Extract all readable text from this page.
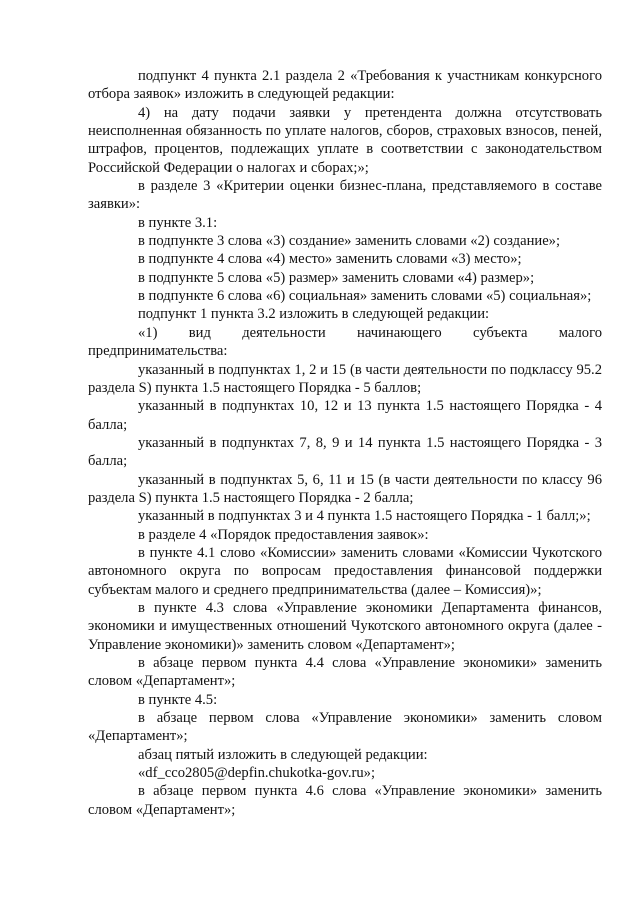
подпункт 4 пункта 2.1 раздела 2 «Требования к участникам конкурсного отбора заявок» изложить в следующей редакции:

4) на дату подачи заявки у претендента должна отсутствовать неисполненная обязанность по уплате налогов, сборов, страховых взносов, пеней, штрафов, процентов, подлежащих уплате в соответствии с законодательством Российской Федерации о налогах и сборах;»;

в разделе 3 «Критерии оценки бизнес-плана, представляемого в составе заявки»:

в пункте 3.1:

в подпункте 3 слова «3) создание» заменить словами «2) создание»;

в подпункте 4 слова «4) место» заменить словами «3) место»;

в подпункте 5 слова «5) размер» заменить словами «4) размер»;

в подпункте 6 слова «6) социальная» заменить словами «5) социальная»;

подпункт 1 пункта 3.2 изложить в следующей редакции:

«1) вид деятельности начинающего субъекта малого предпринимательства:

указанный в подпунктах 1, 2 и 15 (в части деятельности по подклассу 95.2 раздела S) пункта 1.5 настоящего Порядка - 5 баллов;

указанный в подпунктах 10, 12 и 13 пункта 1.5 настоящего Порядка - 4 балла;

указанный в подпунктах 7, 8, 9 и 14 пункта 1.5 настоящего Порядка - 3 балла;

указанный в подпунктах 5, 6, 11 и 15 (в части деятельности по классу 96 раздела S) пункта 1.5 настоящего Порядка - 2 балла;

указанный в подпунктах 3 и 4 пункта 1.5 настоящего Порядка - 1 балл;»;

в разделе 4 «Порядок предоставления заявок»:

в пункте 4.1 слово «Комиссии» заменить словами «Комиссии Чукотского автономного округа по вопросам предоставления финансовой поддержки субъектам малого и среднего предпринимательства (далее – Комиссия)»;

в пункте 4.3 слова «Управление экономики Департамента финансов, экономики и имущественных отношений Чукотского автономного округа (далее - Управление экономики)» заменить словом «Департамент»;

в абзаце первом пункта 4.4 слова «Управление экономики» заменить словом «Департамент»;

в пункте 4.5:

в абзаце первом слова «Управление экономики» заменить словом «Департамент»;

абзац пятый изложить в следующей редакции:

«df_cco2805@depfin.chukotka-gov.ru»;

в абзаце первом пункта 4.6 слова «Управление экономики» заменить словом «Департамент»;
